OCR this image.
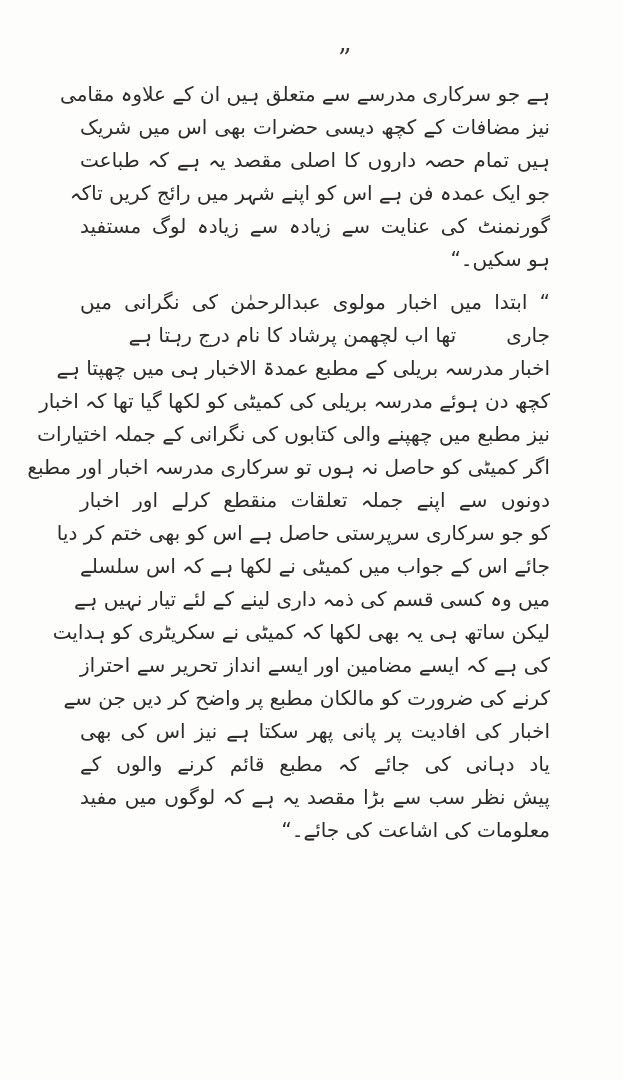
”
ہے جو سرکاری مدرسے سے متعلق ہیں ان کے علاوہ مقامی
نیز مضافات کے کچھ دیسی حضرات بھی اس میں شریک
ہیں تمام حصہ داروں کا اصلی مقصد یہ ہے کہ طباعت
جو ایک عمدہ فن ہے اس کو اپنے شہر میں رائج کریں تاکہ
گورنمنٹ کی عنایت سے زیادہ سے زیادہ لوگ مستفید
ہو سکیں۔“
“ ابتدا میں اخبار مولوی عبدالرحمٰن کی نگرانی میں
جاریتھا اب لچھمن پرشاد کا نام درج رہتا ہے
اخبار مدرسہ بریلی کے مطبع عمدۃ الاخبار ہی میں چھپتا ہے
کچھ دن ہوئے مدرسہ بریلی کی کمیٹی کو لکھا گیا تھا کہ اخبار
نیز مطبع میں چھپنے والی کتابوں کی نگرانی کے جملہ اختیارات
اگر کمیٹی کو حاصل نہ ہوں تو سرکاری مدرسہ اخبار اور مطبع
دونوں سے اپنے جملہ تعلقات منقطع کرلے اور اخبار
کو جو سرکاری سرپرستی حاصل ہے اس کو بھی ختم کر دیا
جائے اس کے جواب میں کمیٹی نے لکھا ہے کہ اس سلسلے
میں وہ کسی قسم کی ذمہ داری لینے کے لئے تیار نہیں ہے
لیکن ساتھ ہی یہ بھی لکھا کہ کمیٹی نے سکریٹری کو ہدایت
کی ہے کہ ایسے مضامین اور ایسے انداز تحریر سے احتراز
کرنے کی ضرورت کو مالکان مطبع پر واضح کر دیں جن سے
اخبار کی افادیت پر پانی پھر سکتا ہے نیز اس کی بھی
یاد دہانی کی جائے کہ مطبع قائم کرنے والوں کے
پیش نظر سب سے بڑا مقصد یہ ہے کہ لوگوں میں مفید
معلومات کی اشاعت کی جائے۔“
